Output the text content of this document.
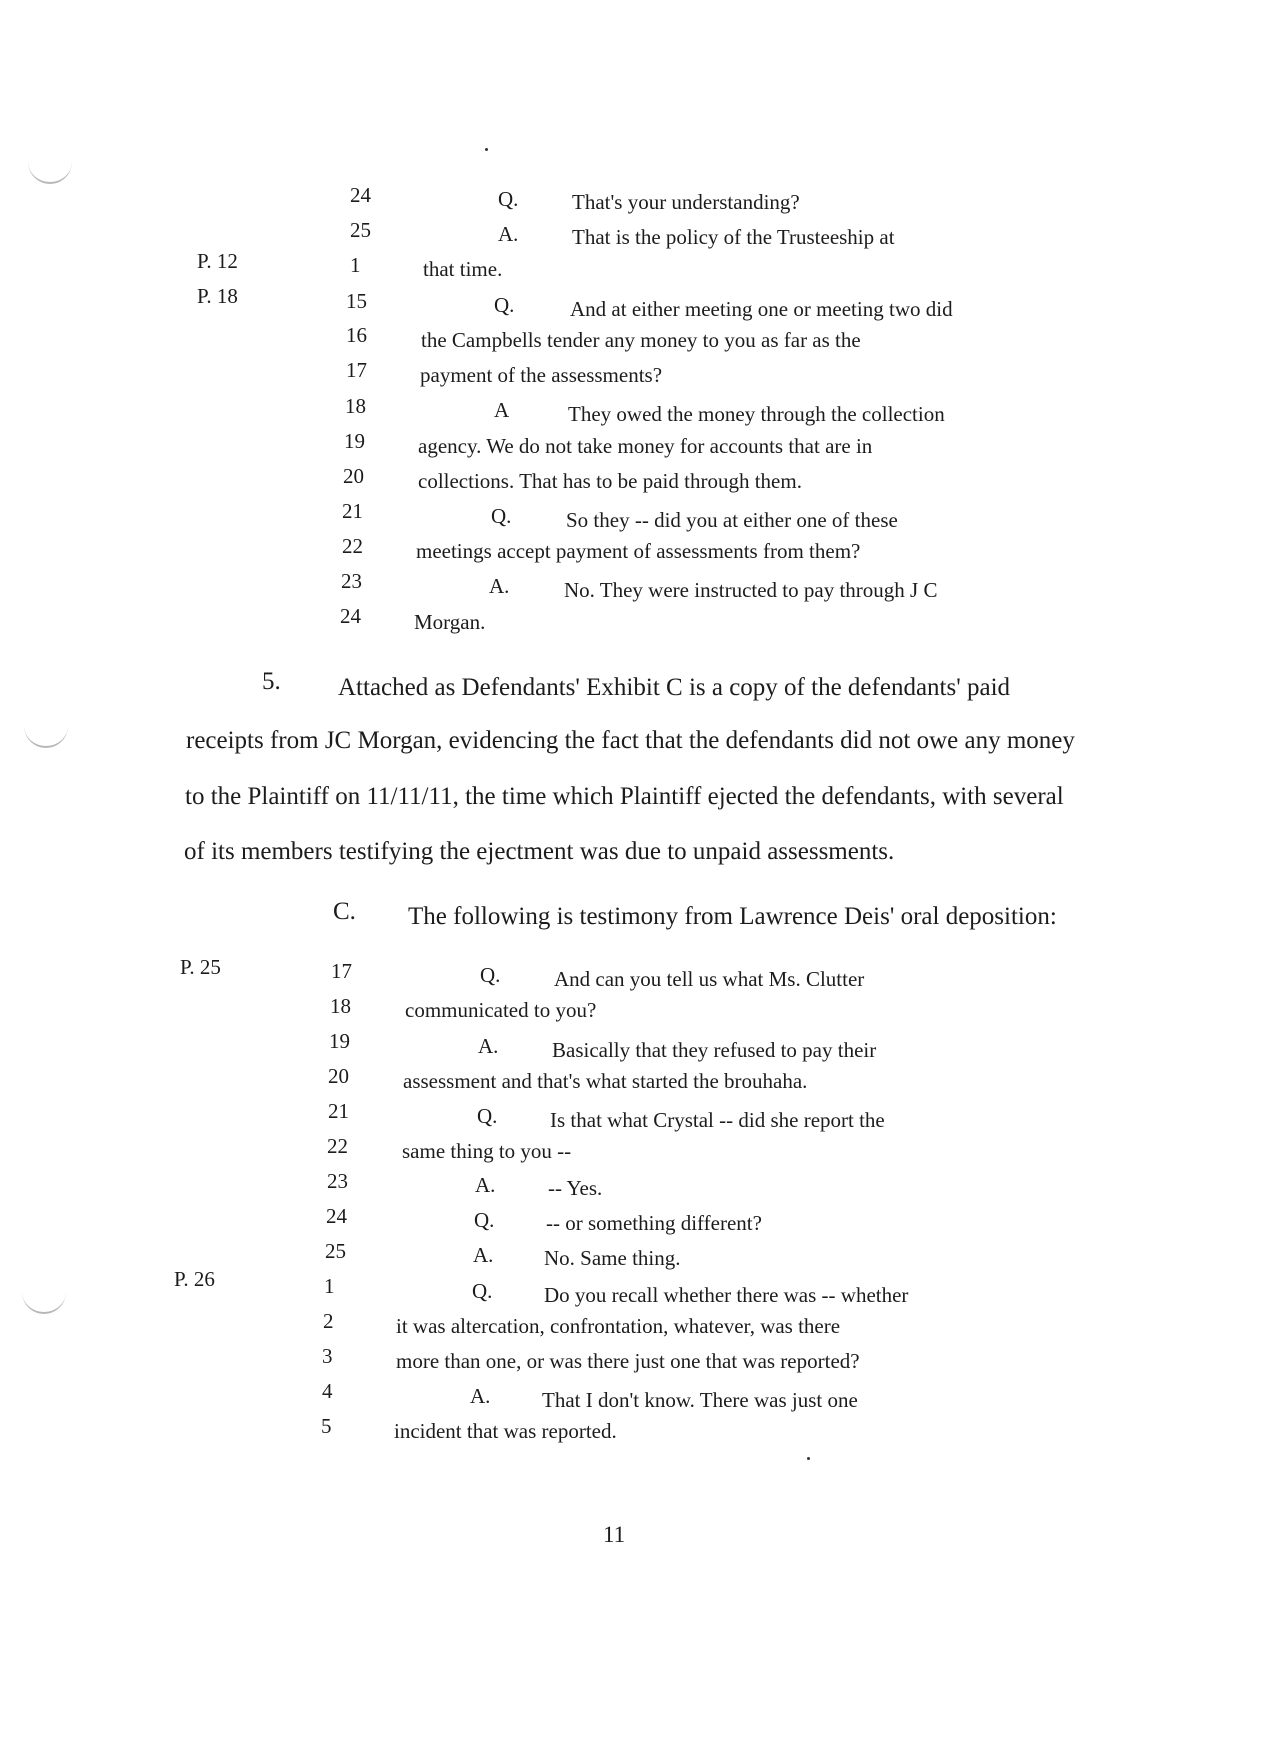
24	Q.	That's your understanding?
25	A.	That is the policy of the Trusteeship at
P. 12	1	that time.
P. 18	15	Q.	And at either meeting one or meeting two did
16	the Campbells tender any money to you as far as the
17	payment of the assessments?
18	A	They owed the money through the collection
19	agency. We do not take money for accounts that are in
20	collections. That has to be paid through them.
21	Q.	So they -- did you at either one of these
22	meetings accept payment of assessments from them?
23	A.	No. They were instructed to pay through J C
24	Morgan.
5. Attached as Defendants' Exhibit C is a copy of the defendants' paid
receipts from JC Morgan, evidencing the fact that the defendants did not owe any money
to the Plaintiff on 11/11/11, the time which Plaintiff ejected the defendants, with several
of its members testifying the ejectment was due to unpaid assessments.
C. The following is testimony from Lawrence Deis' oral deposition:
P. 25	17	Q.	And can you tell us what Ms. Clutter
18	communicated to you?
19	A.	Basically that they refused to pay their
20	assessment and that's what started the brouhaha.
21	Q.	Is that what Crystal -- did she report the
22	same thing to you --
23	A.	-- Yes.
24	Q. -- or something different?
25	A. No. Same thing.
P. 26	1	Q. Do you recall whether there was -- whether
2	it was altercation, confrontation, whatever, was there
3	more than one, or was there just one that was reported?
4	A. That I don't know. There was just one
5	incident that was reported.
11
